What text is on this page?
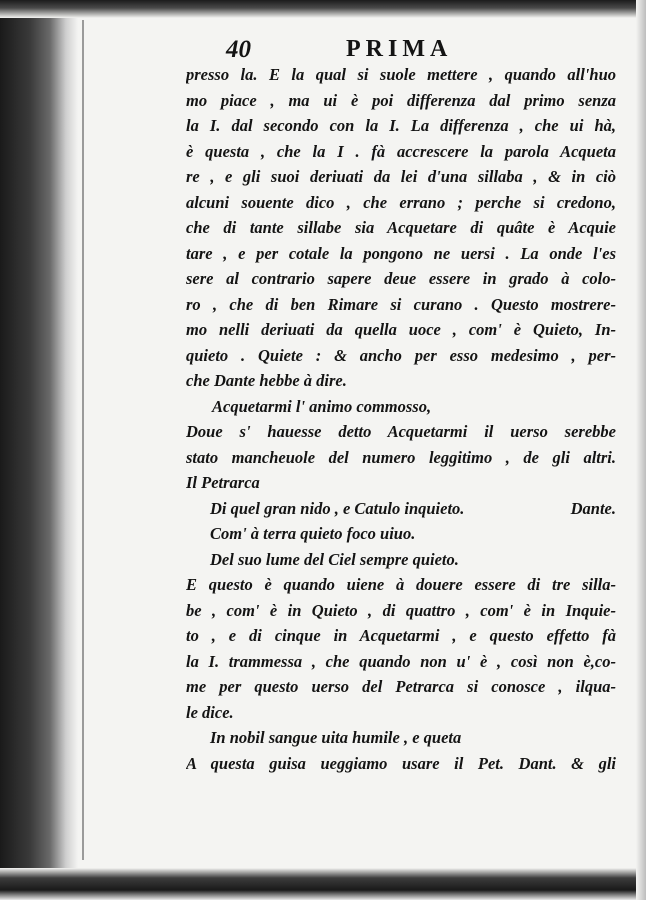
40	PRIMA
presso la. E la qual si suole mettere , quando all'huo
mo piace , ma ui è poi differenza dal primo senza
la I. dal secondo con la I. La differenza , che ui hà,
è questa , che la I . fà accrescere la parola Acqueta
re , e gli suoi deriuati da lei d'una sillaba , & in ciò
alcuni souente dico , che errano ; perche si credono,
che di tante sillabe sia Acquetare di quâte è Acquie
tare , e per cotale la pongono ne uersi . La onde l'es
sere al contrario sapere deue essere in grado à colo-
ro , che di ben Rimare si curano . Questo mostrere-
mo nelli deriuati da quella uoce , com' è Quieto, In-
quieto . Quiete : & ancho per esso medesimo , per-
che Dante hebbe à dire.
Acquetarmi l' animo commosso,
Doue s' hauesse detto Acquetarmi il uerso serebbe
stato mancheuole del numero leggitimo , de gli altri.
Il Petrarca
Di quel gran nido , e Catulo inquieto.	Dante.
Com' à terra quieto foco uiuo.
Del suo lume del Ciel sempre quieto.
E questo è quando uiene à douere essere di tre silla-
be , com' è in Quieto , di quattro , com' è in Inquie-
to , e di cinque in Acquetarmi , e questo effetto fà
la I. trammessa , che quando non u' è , così non è,co-
me per questo uerso del Petrarca si conosce , ilqua-
le dice.
In nobil sangue uita humile , e queta
A questa guisa ueggiamo usare il Pet. Dant. & gli
